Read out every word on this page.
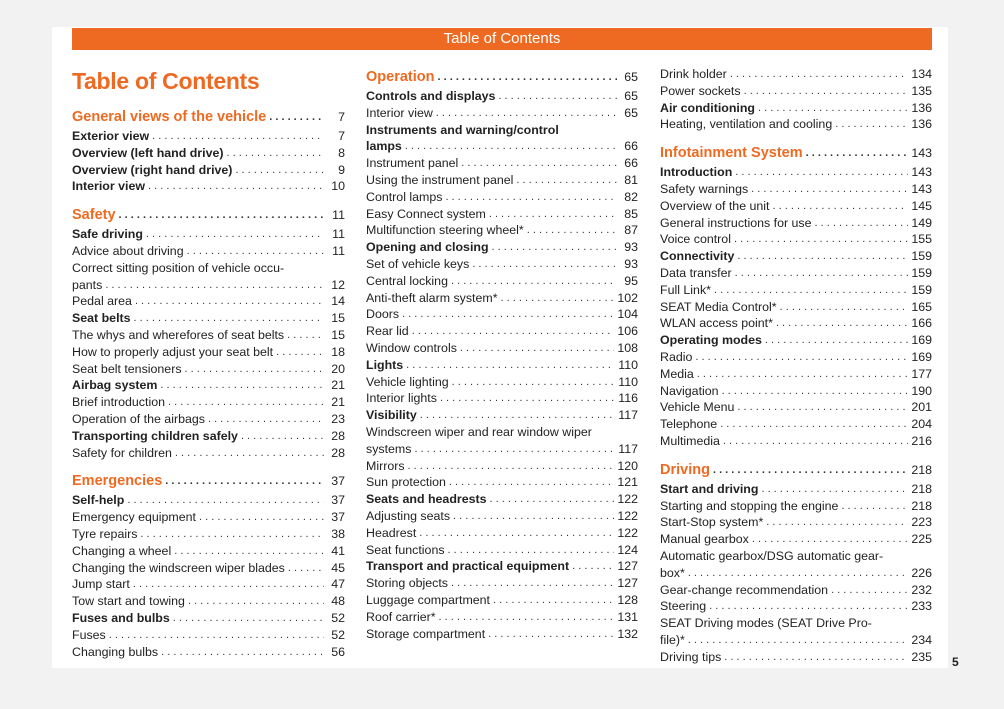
Table of Contents
Table of Contents
General views of the vehicle . . .	7
Exterior view . . .	7
Overview (left hand drive) . . .	8
Overview (right hand drive) . . .	9
Interior view . . .	10
Safety . . .	11
Safe driving . . .	11
Advice about driving . . .	11
Correct sitting position of vehicle occu-
pants . . .	12
Pedal area . . .	14
Seat belts . . .	15
The whys and wherefores of seat belts . . .	15
How to properly adjust your seat belt . . .	18
Seat belt tensioners . . .	20
Airbag system . . .	21
Brief introduction . . .	21
Operation of the airbags . . .	23
Transporting children safely . . .	28
Safety for children . . .	28
Emergencies . . .	37
Self-help . . .	37
Emergency equipment . . .	37
Tyre repairs . . .	38
Changing a wheel . . .	41
Changing the windscreen wiper blades . . .	45
Jump start . . .	47
Tow start and towing . . .	48
Fuses and bulbs . . .	52
Fuses . . .	52
Changing bulbs . . .	56
Operation . . .	65
Controls and displays . . .	65
Interior view . . .	65
Instruments and warning/control
lamps . . .	66
Instrument panel . . .	66
Using the instrument panel . . .	81
Control lamps . . .	82
Easy Connect system . . .	85
Multifunction steering wheel* . . .	87
Opening and closing . . .	93
Set of vehicle keys . . .	93
Central locking . . .	95
Anti-theft alarm system* . . .	102
Doors . . .	104
Rear lid . . .	106
Window controls . . .	108
Lights . . .	110
Vehicle lighting . . .	110
Interior lights . . .	116
Visibility . . .	117
Windscreen wiper and rear window wiper
systems . . .	117
Mirrors . . .	120
Sun protection . . .	121
Seats and headrests . . .	122
Adjusting seats . . .	122
Headrest . . .	122
Seat functions . . .	124
Transport and practical equipment . . .	127
Storing objects . . .	127
Luggage compartment . . .	128
Roof carrier* . . .	131
Storage compartment . . .	132
Drink holder . . .	134
Power sockets . . .	135
Air conditioning . . .	136
Heating, ventilation and cooling . . .	136
Infotainment System . . .	143
Introduction . . .	143
Safety warnings . . .	143
Overview of the unit . . .	145
General instructions for use . . .	149
Voice control . . .	155
Connectivity . . .	159
Data transfer . . .	159
Full Link* . . .	159
SEAT Media Control* . . .	165
WLAN access point* . . .	166
Operating modes . . .	169
Radio . . .	169
Media . . .	177
Navigation . . .	190
Vehicle Menu . . .	201
Telephone . . .	204
Multimedia . . .	216
Driving . . .	218
Start and driving . . .	218
Starting and stopping the engine . . .	218
Start-Stop system* . . .	223
Manual gearbox . . .	225
Automatic gearbox/DSG automatic gear-
box* . . .	226
Gear-change recommendation . . .	232
Steering . . .	233
SEAT Driving modes (SEAT Drive Pro-
file)* . . .	234
Driving tips . . .	235 5
